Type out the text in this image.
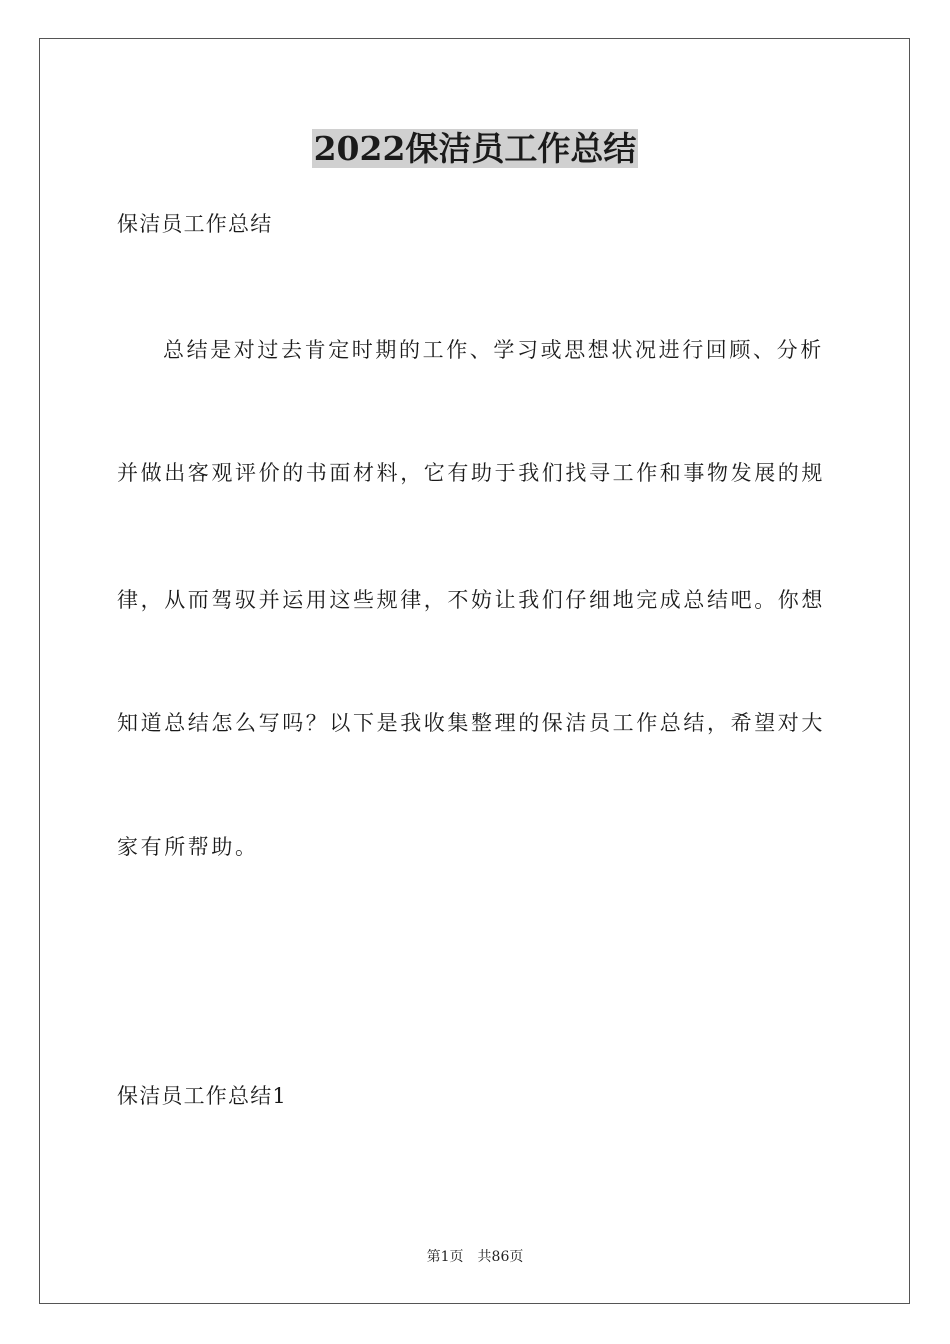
2022保洁员工作总结
保洁员工作总结
总结是对过去肯定时期的工作、学习或思想状况进行回顾、分析
并做出客观评价的书面材料，它有助于我们找寻工作和事物发展的规
律，从而驾驭并运用这些规律，不妨让我们仔细地完成总结吧。你想
知道总结怎么写吗？以下是我收集整理的保洁员工作总结，希望对大
家有所帮助。
保洁员工作总结1
第1页 共86页
